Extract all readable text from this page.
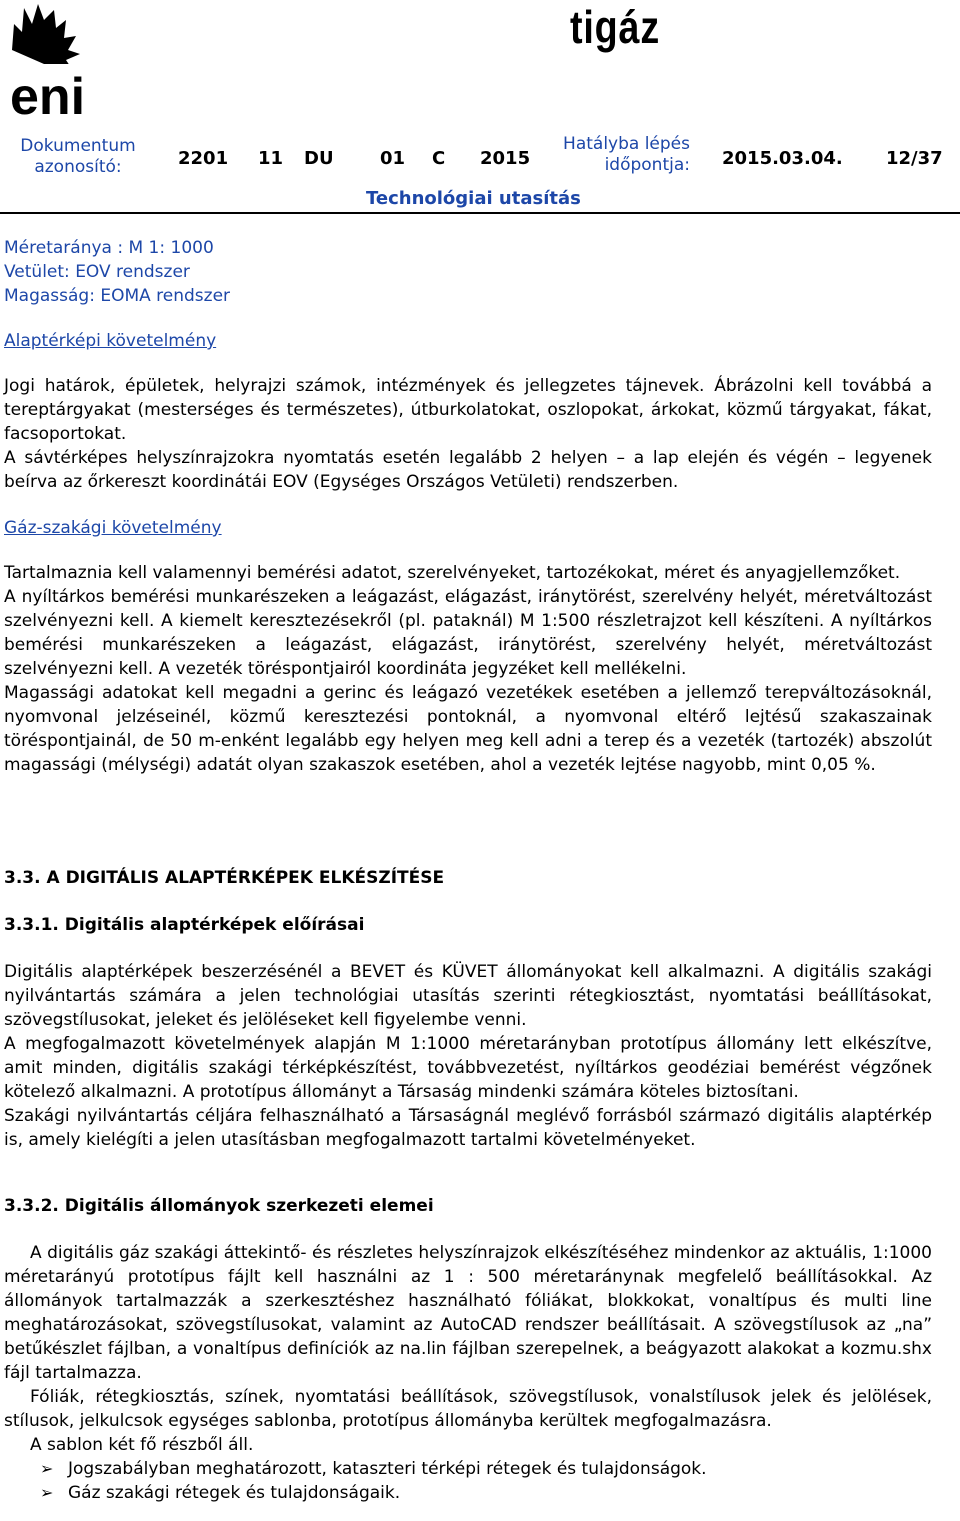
eni
tigáz
Dokumentum
azonosító:	2201 11 DU	01 C 2015
Hatályba lépés
időpontja: 2015.03.04. 12/37
Technológiai utasítás
Méretaránya : M 1: 1000
Vetület: EOV rendszer
Magasság: EOMA rendszer
Alaptérképi követelmény

Jogi határok, épületek, helyrajzi számok, intézmények és jellegzetes tájnevek. Ábrázolni kell továbbá a tereptárgyakat (mesterséges és természetes), útburkolatokat, oszlopokat, árkokat, közmű tárgyakat, fákat, facsoportokat.

A sávtérképes helyszínrajzokra nyomtatás esetén legalább 2 helyen – a lap elején és végén – legyenek beírva az őrkereszt koordinátái EOV (Egységes Országos Vetületi) rendszerben.

Gáz-szakági követelmény

Tartalmaznia kell valamennyi bemérési adatot, szerelvényeket, tartozékokat, méret és anyagjellemzőket.

A nyíltárkos bemérési munkarészeken a leágazást, elágazást, iránytörést, szerelvény helyét, méretváltozást szelvényezni kell. A kiemelt keresztezésekről (pl. pataknál) M 1:500 részletrajzot kell készíteni. A nyíltárkos bemérési munkarészeken a leágazást, elágazást, iránytörést, szerelvény helyét, méretváltozást szelvényezni kell. A vezeték töréspontjairól koordináta jegyzéket kell mellékelni.

Magassági adatokat kell megadni a gerinc és leágazó vezetékek esetében a jellemző terepváltozásoknál, nyomvonal jelzéseinél, közmű keresztezési pontoknál, a nyomvonal eltérő lejtésű szakaszainak töréspontjainál, de 50 m-enként legalább egy helyen meg kell adni a terep és a vezeték (tartozék) abszolút magassági (mélységi) adatát olyan szakaszok esetében, ahol a vezeték lejtése nagyobb, mint 0,05 %.

3.3. A DIGITÁLIS ALAPTÉRKÉPEK ELKÉSZÍTÉSE
3.3.1. Digitális alaptérképek előírásai

Digitális alaptérképek beszerzésénél a BEVET és KÜVET állományokat kell alkalmazni. A digitális szakági nyilvántartás számára a jelen technológiai utasítás szerinti rétegkiosztást, nyomtatási beállításokat, szövegstílusokat, jeleket és jelöléseket kell figyelembe venni.

A megfogalmazott követelmények alapján M 1:1000 méretarányban prototípus állomány lett elkészítve, amit minden, digitális szakági térképkészítést, továbbvezetést, nyíltárkos geodéziai bemérést végzőnek kötelező alkalmazni. A prototípus állományt a Társaság mindenki számára köteles biztosítani.

Szakági nyilvántartás céljára felhasználható a Társaságnál meglévő forrásból származó digitális alaptérkép is, amely kielégíti a jelen utasításban megfogalmazott tartalmi követelményeket.

3.3.2. Digitális állományok szerkezeti elemei

A digitális gáz szakági áttekintő- és részletes helyszínrajzok elkészítéséhez mindenkor az aktuális, 1:1000 méretarányú prototípus fájlt kell használni az 1 : 500 méretaránynak megfelelő beállításokkal. Az állományok tartalmazzák a szerkesztéshez használható fóliákat, blokkokat, vonaltípus és multi line meghatározásokat, szövegstílusokat, valamint az AutoCAD rendszer beállításait. A szövegstílusok az „na” betűkészlet fájlban, a vonaltípus definíciók az na.lin fájlban szerepelnek, a beágyazott alakokat a kozmu.shx fájl tartalmazza.

Fóliák, rétegkiosztás, színek, nyomtatási beállítások, szövegstílusok, vonalstílusok jelek és jelölések, stílusok, jelkulcsok egységes sablonba, prototípus állományba kerültek megfogalmazásra.

A sablon két fő részből áll.

➢ Jogszabályban meghatározott, kataszteri térképi rétegek és tulajdonságok.
➢ Gáz szakági rétegek és tulajdonságaik.
